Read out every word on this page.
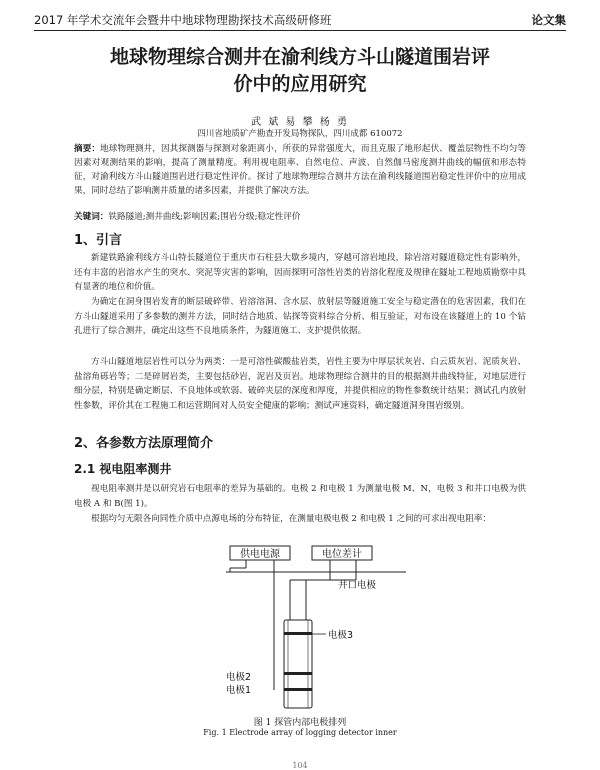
2017 年学术交流年会暨井中地球物理勘探技术高级研修班	论文集
地球物理综合测井在渝利线方斗山隧道围岩评
价中的应用研究
武 斌 易 攀 杨 勇
四川省地质矿产勘查开发局物探队，四川成都 610072
摘要：地球物理测井，因其探测器与探测对象距离小，所获的异常强度大，而且克服了地形起伏、覆盖层物性不均匀等因素对观测结果的影响，提高了测量精度。利用视电阻率、自然电位、声波、自然伽马密度测井曲线的幅值和形态特征，对渝利线方斗山隧道围岩进行稳定性评价。探讨了地球物理综合测井方法在渝利线隧道围岩稳定性评价中的应用成果，同时总结了影响测井质量的诸多因素，并提供了解决方法。
关键词：铁路隧道;测井曲线;影响因素;围岩分级;稳定性评价
1、引言

新建铁路渝利线方斗山特长隧道位于重庆市石柱县大歇乡境内，穿越可溶岩地段，除岩溶对隧道稳定性有影响外，还有丰富的岩溶水产生的突水、突泥等灾害的影响，因而探明可溶性岩类的岩溶化程度及规律在隧址工程地质勘察中具有显著的地位和价值。

为确定在洞身围岩发育的断层破碎带、岩溶溶洞、含水层、放射层等隧道施工安全与稳定潜在的危害因素，我们在方斗山隧道采用了多参数的测井方法，同时结合地质、钻探等资料综合分析、相互验证，对布设在该隧道上的 10 个钻孔进行了综合测井，确定出这些不良地质条件，为隧道施工、支护提供依据。

方斗山隧道地层岩性可以分为两类：一是可溶性碳酸盐岩类，岩性主要为中厚层状灰岩、白云质灰岩、泥质灰岩、盐溶角砾岩等；二是碎屑岩类，主要包括砂岩，泥岩及页岩。地球物理综合测井的目的根据测井曲线特征，对地层进行细分层，特别是确定断层、不良地体或软弱、破碎夹层的深度和厚度，并提供相应的物性参数统计结果；测试孔内放射性参数，评价其在工程施工和运营期间对人员安全健康的影响；测试声速资料，确定隧道洞身围岩级别。

2、各参数方法原理简介
2.1 视电阻率测井

视电阻率测井是以研究岩石电阻率的差异为基础的。电极 2 和电极 1 为测量电极 M、N，电极 3 和井口电极为供电极 A 和 B(图 1)。

根据均匀无限各向同性介质中点源电场的分布特征，在测量电极电极 2 和电极 1 之间的可求出视电阻率：

供电电源	电位差计
井口电极
电极3
电极2
电极1
图 1 探管内部电极排列
Fig. 1 Electrode array of logging detector inner
104
